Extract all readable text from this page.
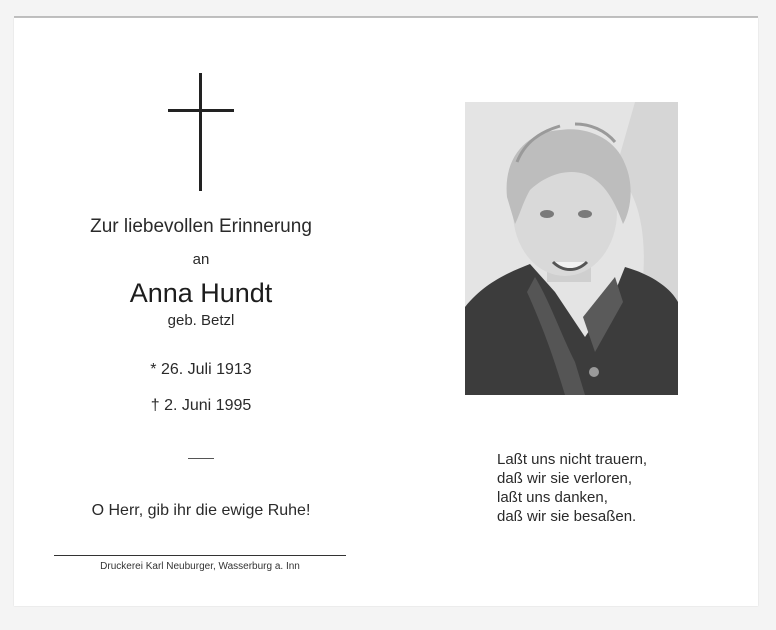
Zur liebevollen Erinnerung
an
Anna Hundt
geb. Betzl
* 26. Juli 1913
† 2. Juni 1995
O Herr, gib ihr die ewige Ruhe!
Druckerei Karl Neuburger, Wasserburg a. Inn
Laßt uns nicht trauern,
daß wir sie verloren,
laßt uns danken,
daß wir sie besaßen.
